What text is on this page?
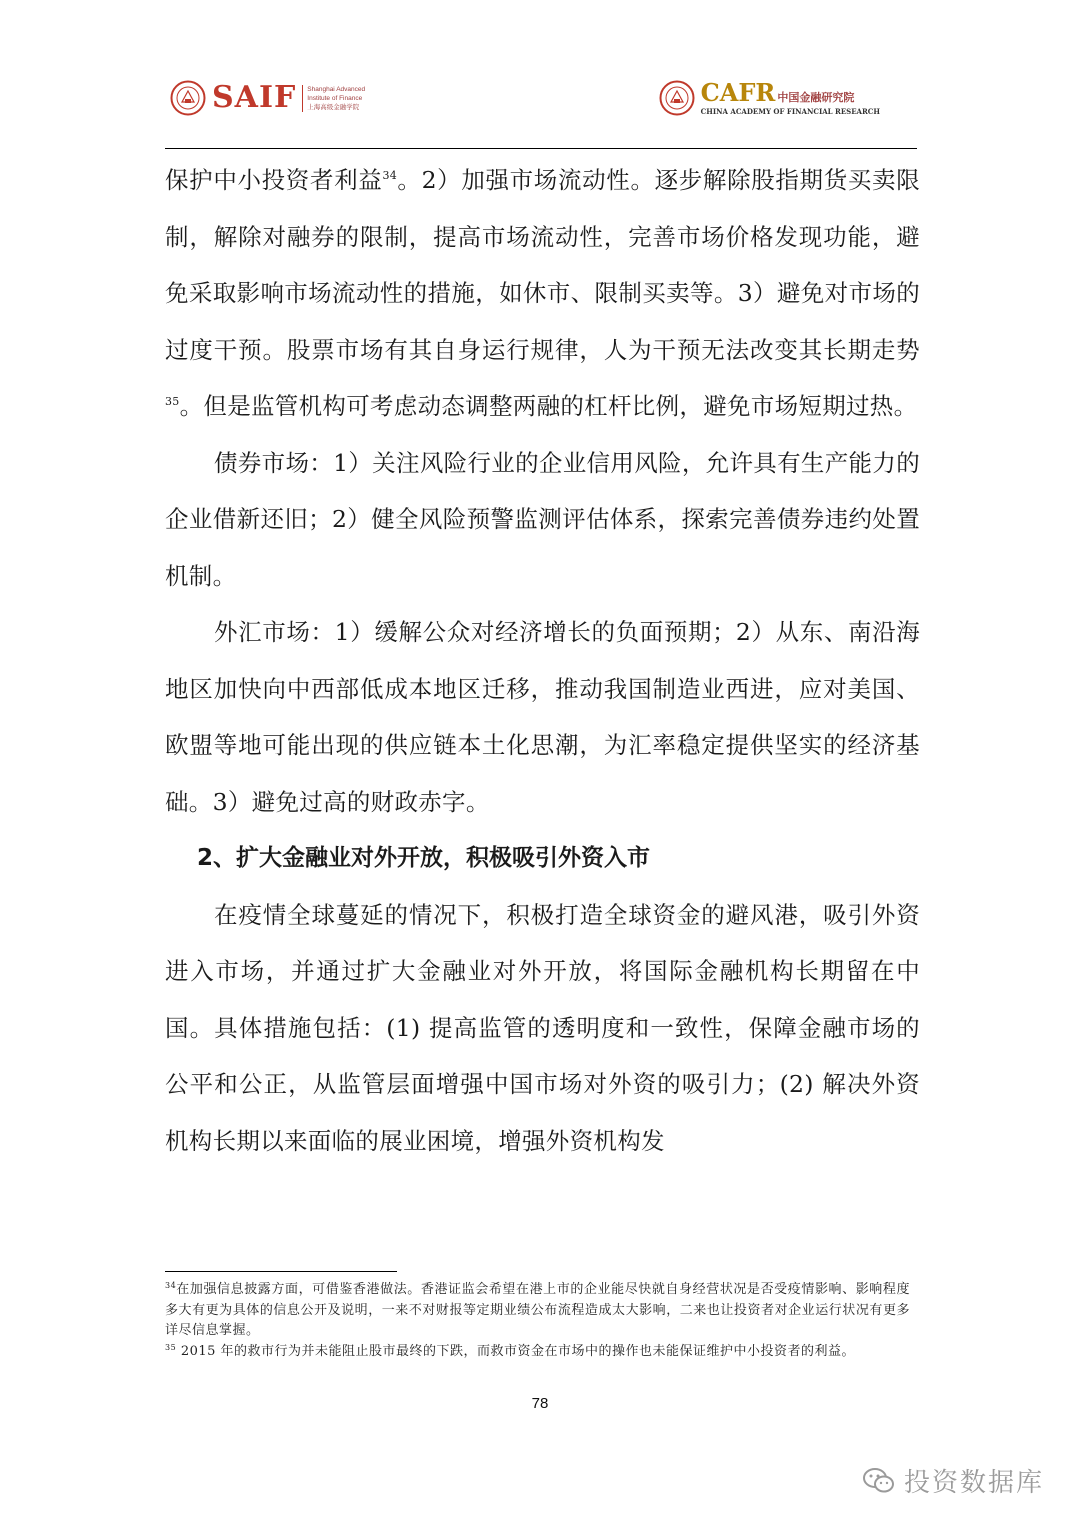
SAIF Shanghai Advanced
Institute of Finance
上海高级金融学院
CAFR 中国金融研究院
CHINA ACADEMY OF FINANCIAL RESEARCH

保护中小投资者利益$^{34}$。2）加强市场流动性。逐步解除股指期货买卖限制，解除对融券的限制，提高市场流动性，完善市场价格发现功能，避免采取影响市场流动性的措施，如休市、限制买卖等。3）避免对市场的过度干预。股票市场有其自身运行规律，人为干预无法改变其长期走势$^{35}$。但是监管机构可考虑动态调整两融的杠杆比例，避免市场短期过热。

债券市场：1）关注风险行业的企业信用风险，允许具有生产能力的企业借新还旧；2）健全风险预警监测评估体系，探索完善债券违约处置机制。

外汇市场：1）缓解公众对经济增长的负面预期；2）从东、南沿海地区加快向中西部低成本地区迁移，推动我国制造业西进，应对美国、欧盟等地可能出现的供应链本土化思潮，为汇率稳定提供坚实的经济基础。3）避免过高的财政赤字。

2、扩大金融业对外开放，积极吸引外资入市

在疫情全球蔓延的情况下，积极打造全球资金的避风港，吸引外资进入市场，并通过扩大金融业对外开放，将国际金融机构长期留在中国。具体措施包括：(1) 提高监管的透明度和一致性，保障金融市场的公平和公正，从监管层面增强中国市场对外资的吸引力；(2) 解决外资机构长期以来面临的展业困境，增强外资机构发

$^{34}$在加强信息披露方面，可借鉴香港做法。香港证监会希望在港上市的企业能尽快就自身经营状况是否受疫情影响、影响程度多大有更为具体的信息公开及说明，一来不对财报等定期业绩公布流程造成太大影响，二来也让投资者对企业运行状况有更多详尽信息掌握。

$^{35}$ 2015 年的救市行为并未能阻止股市最终的下跌，而救市资金在市场中的操作也未能保证维护中小投资者的利益。

78
投资数据库
